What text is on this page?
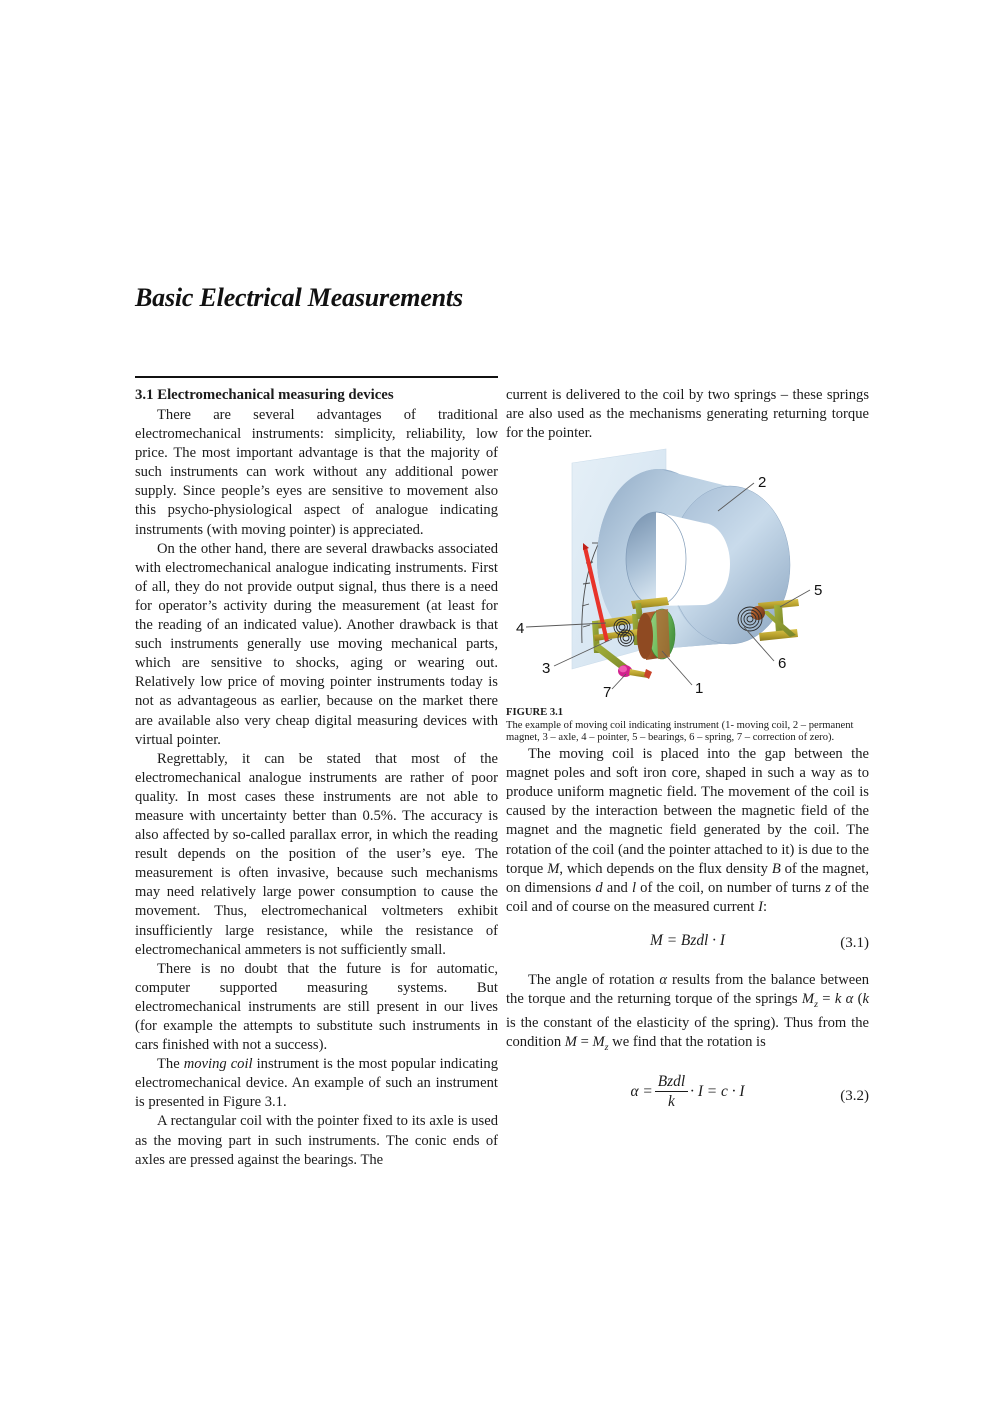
Basic Electrical Measurements
3.1 Electromechanical measuring devices

There are several advantages of traditional electromechanical instruments: simplicity, reliability, low price. The most important advantage is that the majority of such instruments can work without any additional power supply. Since people’s eyes are sensitive to movement also this psycho-physiological aspect of analogue indicating instruments (with moving pointer) is appreciated.

On the other hand, there are several drawbacks associated with electromechanical analogue indicating instruments. First of all, they do not provide output signal, thus there is a need for operator’s activity during the measurement (at least for the reading of an indicated value). Another drawback is that such instruments generally use moving mechanical parts, which are sensitive to shocks, aging or wearing out. Relatively low price of moving pointer instruments today is not as advantageous as earlier, because on the market there are available also very cheap digital measuring devices with virtual pointer.

Regrettably, it can be stated that most of the electromechanical analogue instruments are rather of poor quality. In most cases these instruments are not able to measure with uncertainty better than 0.5%. The accuracy is also affected by so-called parallax error, in which the reading result depends on the position of the user’s eye. The measurement is often invasive, because such mechanisms may need relatively large power consumption to cause the movement. Thus, electromechanical voltmeters exhibit insufficiently large resistance, while the resistance of electromechanical ammeters is not sufficiently small.

There is no doubt that the future is for automatic, computer supported measuring systems. But electromechanical instruments are still present in our lives (for example the attempts to substitute such instruments in cars finished with not a success).

The moving coil instrument is the most popular indicating electromechanical device. An example of such an instrument is presented in Figure 3.1.

A rectangular coil with the pointer fixed to its axle is used as the moving part in such instruments. The conic ends of axles are pressed against the bearings. The

current is delivered to the coil by two springs – these springs are also used as the mechanisms generating returning torque for the pointer.

2
4
3
7	1
5
6
FIGURE 3.1
The example of moving coil indicating instrument (1- moving coil, 2 – permanent magnet, 3 – axle, 4 – pointer, 5 – bearings, 6 – spring, 7 – correction of zero).

The moving coil is placed into the gap between the magnet poles and soft iron core, shaped in such a way as to produce uniform magnetic field. The movement of the coil is caused by the interaction between the magnetic field of the magnet and the magnetic field generated by the coil. The rotation of the coil (and the pointer attached to it) is due to the torque M, which depends on the flux density B of the magnet, on dimensions d and l of the coil, on number of turns z of the coil and of course on the measured current I:

M = Bzdl · I	(3.1)

The angle of rotation α results from the balance between the torque and the returning torque of the springs $M_z = k$ α (k is the constant of the elasticity of the spring). Thus from the condition $M = M_z$ we find that the rotation is

$\alpha = \frac{\text{Bzdl}}{k} \cdot I = c \cdot I$	(3.2)
